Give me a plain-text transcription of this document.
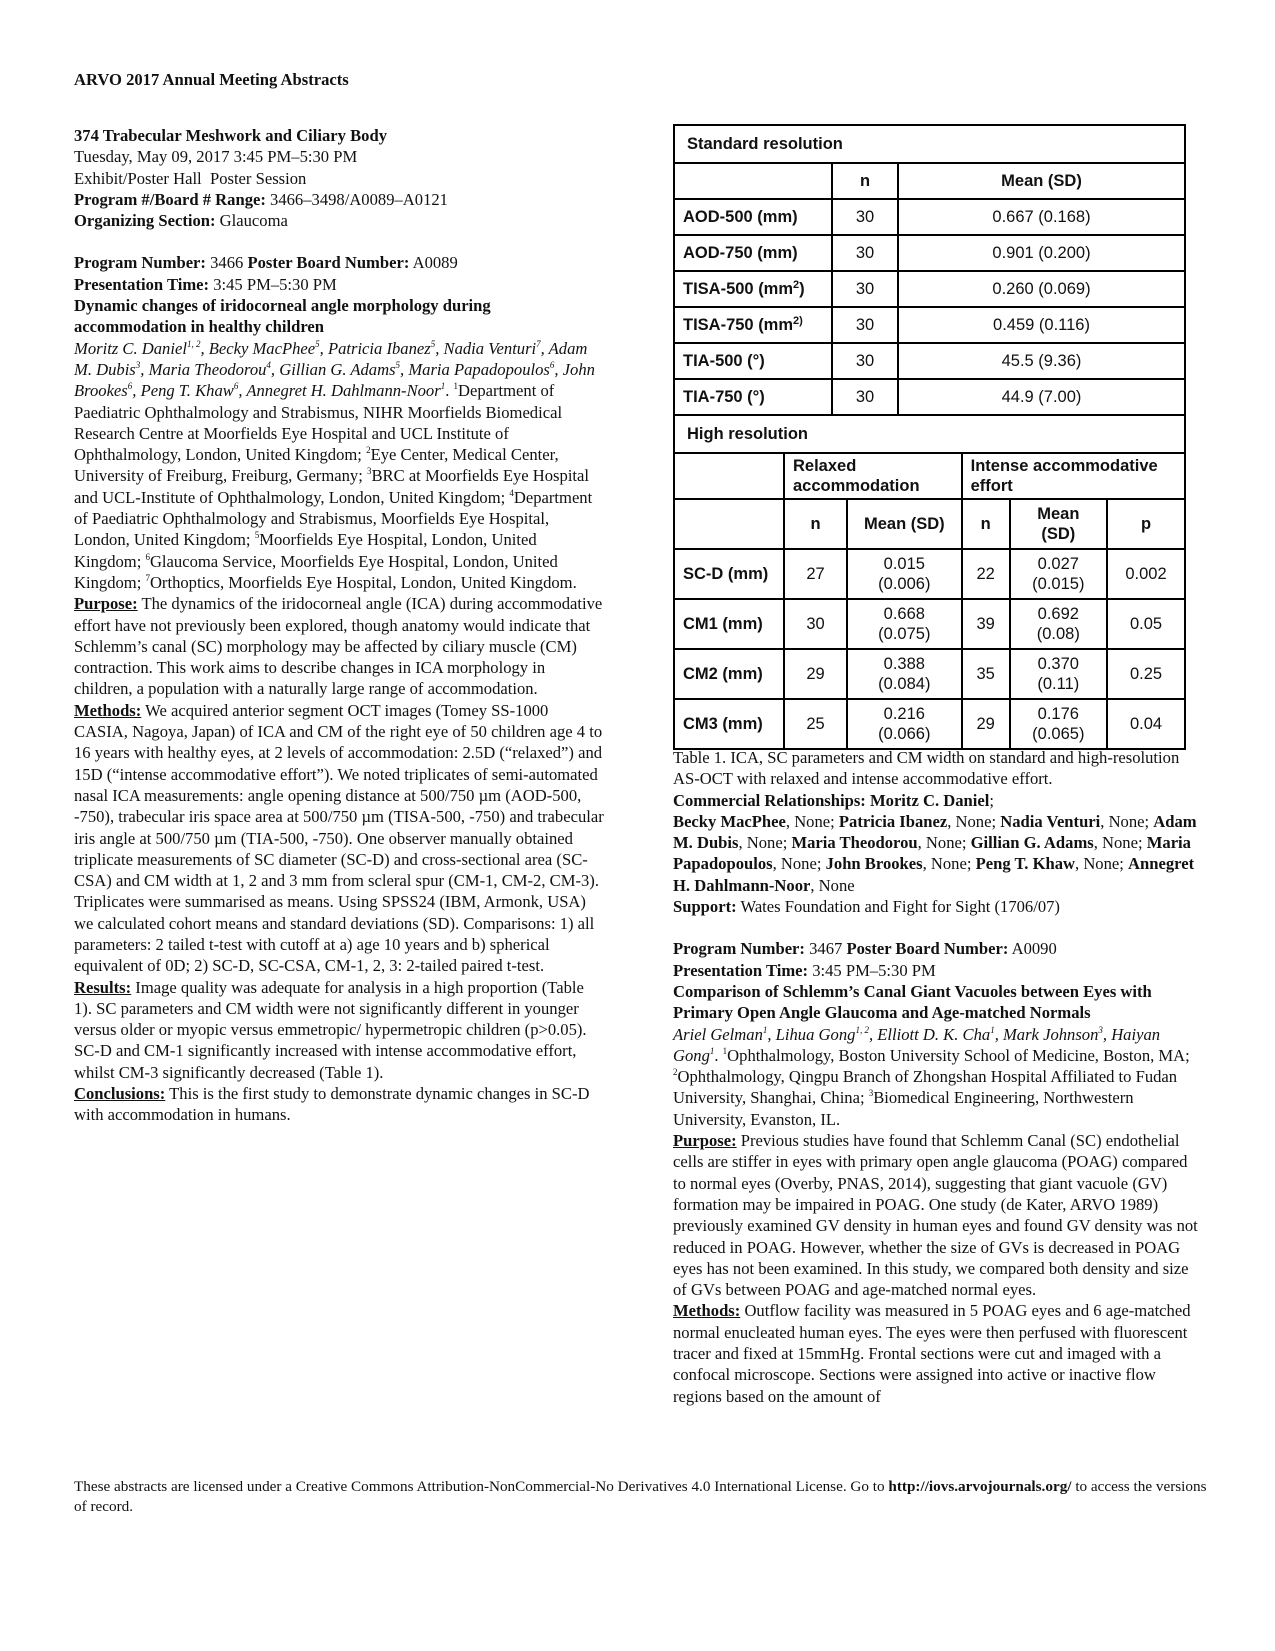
ARVO 2017 Annual Meeting Abstracts
374 Trabecular Meshwork and Ciliary Body
Tuesday, May 09, 2017 3:45 PM–5:30 PM
Exhibit/Poster Hall  Poster Session
Program #/Board # Range: 3466–3498/A0089–A0121
Organizing Section: Glaucoma
Program Number: 3466 Poster Board Number: A0089
Presentation Time: 3:45 PM–5:30 PM
Dynamic changes of iridocorneal angle morphology during accommodation in healthy children
Moritz C. Daniel$^{1, 2}$, Becky MacPhee$^5$, Patricia Ibanez$^5$, Nadia Venturi$^7$, Adam M. Dubis$^3$, Maria Theodorou$^4$, Gillian G. Adams$^5$, Maria Papadopoulos$^6$, John Brookes$^6$, Peng T. Khaw$^6$, Annegret H. Dahlmann-Noor$^1$. $^1$Department of Paediatric Ophthalmology and Strabismus, NIHR Moorfields Biomedical Research Centre at Moorfields Eye Hospital and UCL Institute of Ophthalmology, London, United Kingdom; $^2$Eye Center, Medical Center, University of Freiburg, Freiburg, Germany; $^3$BRC at Moorfields Eye Hospital and UCL-Institute of Ophthalmology, London, United Kingdom; $^4$Department of Paediatric Ophthalmology and Strabismus, Moorfields Eye Hospital, London, United Kingdom; $^5$Moorfields Eye Hospital, London, United Kingdom; $^6$Glaucoma Service, Moorfields Eye Hospital, London, United Kingdom; $^7$Orthoptics, Moorfields Eye Hospital, London, United Kingdom.
Purpose: The dynamics of the iridocorneal angle (ICA) during accommodative effort have not previously been explored, though anatomy would indicate that Schlemm’s canal (SC) morphology may be affected by ciliary muscle (CM) contraction. This work aims to describe changes in ICA morphology in children, a population with a naturally large range of accommodation.
Methods: We acquired anterior segment OCT images (Tomey SS-1000 CASIA, Nagoya, Japan) of ICA and CM of the right eye of 50 children age 4 to 16 years with healthy eyes, at 2 levels of accommodation: 2.5D (“relaxed”) and 15D (“intense accommodative effort”). We noted triplicates of semi-automated nasal ICA measurements: angle opening distance at 500/750 µm (AOD-500, -750), trabecular iris space area at 500/750 µm (TISA-500, -750) and trabecular iris angle at 500/750 µm (TIA-500, -750). One observer manually obtained triplicate measurements of SC diameter (SC-D) and cross-sectional area (SC-CSA) and CM width at 1, 2 and 3 mm from scleral spur (CM-1, CM-2, CM-3). Triplicates were summarised as means. Using SPSS24 (IBM, Armonk, USA) we calculated cohort means and standard deviations (SD). Comparisons: 1) all parameters: 2 tailed t-test with cutoff at a) age 10 years and b) spherical equivalent of 0D; 2) SC-D, SC-CSA, CM-1, 2, 3: 2-tailed paired t-test.
Results: Image quality was adequate for analysis in a high proportion (Table 1). SC parameters and CM width were not significantly different in younger versus older or myopic versus emmetropic/ hypermetropic children (p>0.05). SC-D and CM-1 significantly increased with intense accommodative effort, whilst CM-3 significantly decreased (Table 1).
Conclusions: This is the first study to demonstrate dynamic changes in SC-D with accommodation in humans.
Standard resolution		
	n	Mean (SD)
AOD-500 (mm)	30	0.667 (0.168)
AOD-750 (mm)	30	0.901 (0.200)
TISA-500 $(mm^2)$	30	0.260 (0.069)
TISA-750 ($mm^{2)}$	30	0.459 (0.116)
TIA-500 (°)	30	45.5 (9.36)
TIA-750 (°)	30	44.9 (7.00)
High resolution					
	Relaxed accommodation		Intense accommodative effort		
	n	Mean (SD)	n	Mean (SD)	p
SC-D (mm)	27	0.015 (0.006)	22	0.027 (0.015)	0.002
CM1 (mm)	30	0.668 (0.075)	39	0.692 (0.08)	0.05
CM2 (mm)	29	0.388 (0.084)	35	0.370 (0.11)	0.25
CM3 (mm)	25	0.216 (0.066)	29	0.176 (0.065)	0.04
Table 1. ICA, SC parameters and CM width on standard and high-resolution AS-OCT with relaxed and intense accommodative effort.
Commercial Relationships: Moritz C. Daniel;
Becky MacPhee, None; Patricia Ibanez, None; Nadia Venturi, None; Adam M. Dubis, None; Maria Theodorou, None; Gillian G. Adams, None; Maria Papadopoulos, None; John Brookes, None; Peng T. Khaw, None; Annegret H. Dahlmann-Noor, None
Support: Wates Foundation and Fight for Sight (1706/07)
Program Number: 3467 Poster Board Number: A0090
Presentation Time: 3:45 PM–5:30 PM
Comparison of Schlemm’s Canal Giant Vacuoles between Eyes with Primary Open Angle Glaucoma and Age-matched Normals
Ariel Gelman$^1$, Lihua Gong$^{1, 2}$, Elliott D. K. Cha$^1$, Mark Johnson$^3$, Haiyan Gong$^1$. $^1$Ophthalmology, Boston University School of Medicine, Boston, MA; $^2$Ophthalmology, Qingpu Branch of Zhongshan Hospital Affiliated to Fudan University, Shanghai, China; $^3$Biomedical Engineering, Northwestern University, Evanston, IL.
Purpose: Previous studies have found that Schlemm Canal (SC) endothelial cells are stiffer in eyes with primary open angle glaucoma (POAG) compared to normal eyes (Overby, PNAS, 2014), suggesting that giant vacuole (GV) formation may be impaired in POAG. One study (de Kater, ARVO 1989) previously examined GV density in human eyes and found GV density was not reduced in POAG. However, whether the size of GVs is decreased in POAG eyes has not been examined. In this study, we compared both density and size of GVs between POAG and age-matched normal eyes.
Methods: Outflow facility was measured in 5 POAG eyes and 6 age-matched normal enucleated human eyes. The eyes were then perfused with fluorescent tracer and fixed at 15mmHg. Frontal sections were cut and imaged with a confocal microscope. Sections were assigned into active or inactive flow regions based on the amount of
These abstracts are licensed under a Creative Commons Attribution-NonCommercial-No Derivatives 4.0 International License. Go to http://iovs.arvojournals.org/ to access the versions of record.
